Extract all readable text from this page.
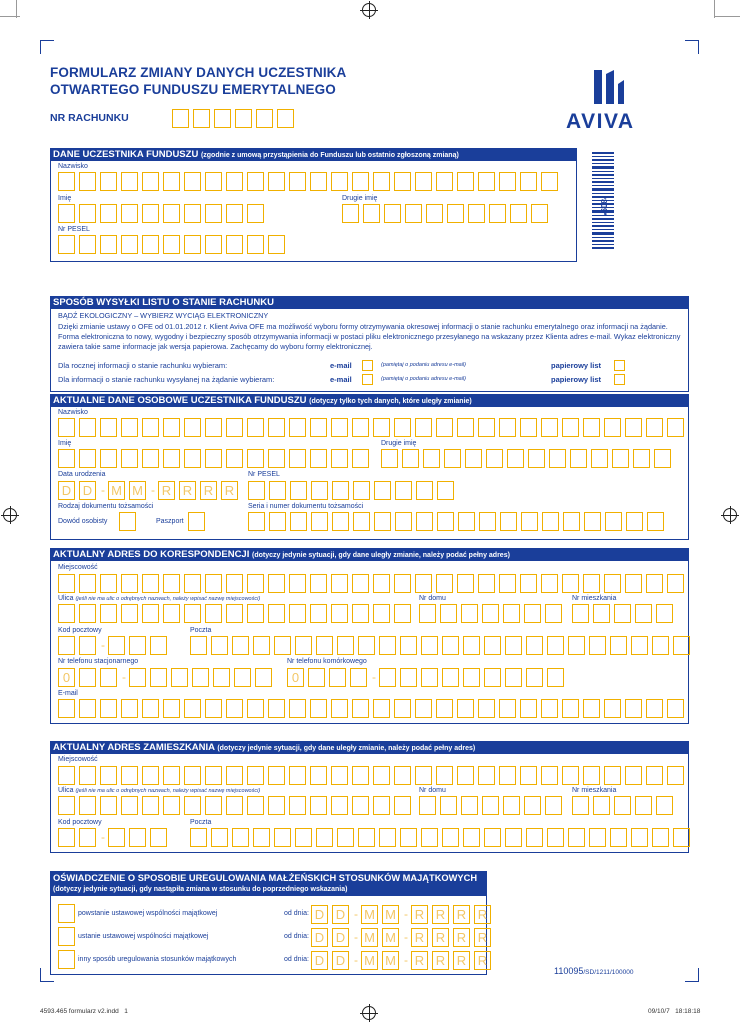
FORMULARZ ZMIANY DANYCH UCZESTNIKA
OTWARTEGO FUNDUSZU EMERYTALNEGO
NR RACHUNKU	AVIVA
*809*
DANE UCZESTNIKA FUNDUSZU (zgodnie z umową przystąpienia do Funduszu lub ostatnio zgłoszoną zmianą)
Nazwisko
Imię	Drugie imię
Nr PESEL
SPOSÓB WYSYŁKI LISTU O STANIE RACHUNKU
BĄDŹ EKOLOGICZNY – WYBIERZ WYCIĄG ELEKTRONICZNY
Dzięki zmianie ustawy o OFE od 01.01.2012 r. Klient Aviva OFE ma możliwość wyboru formy otrzymywania okresowej informacji o stanie rachunku emerytalnego oraz informacji na żądanie. Forma elektroniczna to nowy, wygodny i bezpieczny sposób otrzymywania informacji w postaci pliku elektronicznego przesyłanego na wskazany przez Klienta adres e-mail. Wykaz elektroniczny zawiera takie same informacje jak wersja papierowa. Zachęcamy do wyboru formy elektronicznej.
Dla rocznej informacji o stanie rachunku wybieram:	e-mail	(pamiętaj o podaniu adresu e-mail)	papierowy list
Dla informacji o stanie rachunku wysyłanej na żądanie wybieram:	e-mail	(pamiętaj o podaniu adresu e-mail)	papierowy list
AKTUALNE DANE OSOBOWE UCZESTNIKA FUNDUSZU (dotyczy tylko tych danych, które uległy zmianie)
Nazwisko
Imię	Drugie imię
Data urodzenia	Nr PESEL
D D - M M - R R R R
Rodzaj dokumentu tożsamości	Seria i numer dokumentu tożsamości
Dowód osobisty	Paszport
AKTUALNY ADRES DO KORESPONDENCJI (dotyczy jedynie sytuacji, gdy dane uległy zmianie, należy podać pełny adres)
Miejscowość
Ulica (jeśli nie ma ulic o odrębnych nazwach, należy wpisać nazwę miejscowości)	Nr domu	Nr mieszkania
Kod pocztowy	Poczta
-
Nr telefonu stacjonarnego	Nr telefonu komórkowego
0	-	0	-
E-mail
AKTUALNY ADRES ZAMIESZKANIA (dotyczy jedynie sytuacji, gdy dane uległy zmianie, należy podać pełny adres)
Miejscowość
Ulica (jeśli nie ma ulic o odrębnych nazwach, należy wpisać nazwę miejscowości)	Nr domu	Nr mieszkania
Kod pocztowy	Poczta
-
OŚWIADCZENIE O SPOSOBIE UREGULOWANIA MAŁŻEŃSKICH STOSUNKÓW MAJĄTKOWYCH
(dotyczy jedynie sytuacji, gdy nastąpiła zmiana w stosunku do poprzedniego wskazania)
powstanie ustawowej wspólności majątkowej	od dnia: D D - M M - R R R R
ustanie ustawowej wspólności majątkowej	od dnia: D D - M M - R R R R
inny sposób uregulowania stosunków majątkowych	od dnia: D D - M M - R R R R
110095/SD/1211/100000
4593.465 formularz v2.indd   1	09/10/7   18:18:18
